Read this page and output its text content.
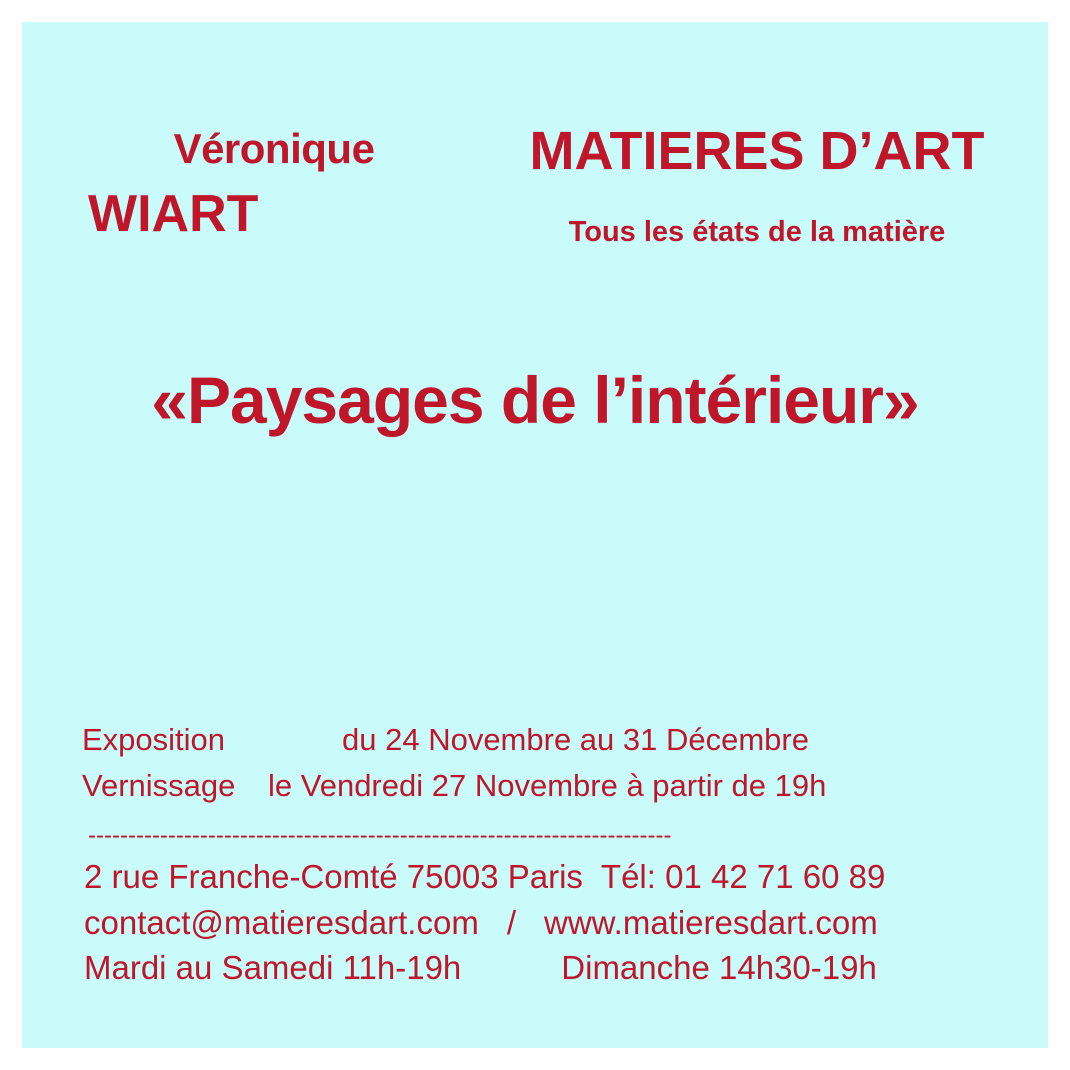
Véronique
WIART
MATIERES D’ART
Tous les états de la matière
«Paysages de l’intérieur»
Exposition	du 24 Novembre au 31 Décembre
Vernissage	le Vendredi 27 Novembre à partir de 19h
-------------------------------------------------------------------------
2 rue Franche-Comté 75003 Paris Tél: 01 42 71 60 89
contact@matieresdart.com / www.matieresdart.com
Mardi au Samedi 11h-19h	Dimanche 14h30-19h
